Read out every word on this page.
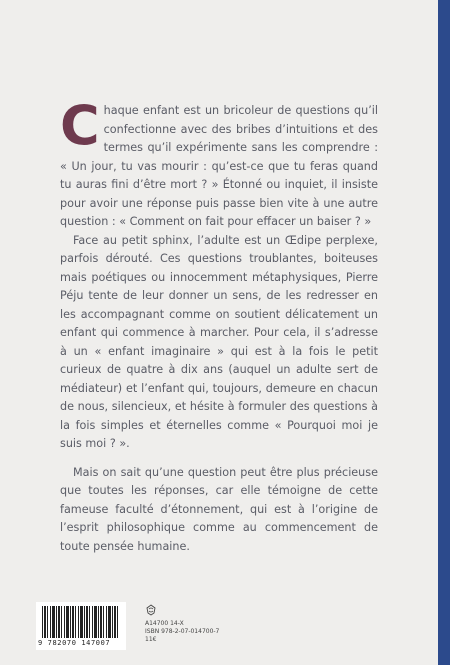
Chaque enfant est un bricoleur de questions qu’il confectionne avec des bribes d’intuitions et des termes qu’il expérimente sans les comprendre : « Un jour, tu vas mourir : qu’est-ce que tu feras quand tu auras fini d’être mort ? » Étonné ou inquiet, il insiste pour avoir une réponse puis passe bien vite à une autre question : « Comment on fait pour effacer un baiser ? »

Face au petit sphinx, l’adulte est un Œdipe perplexe, parfois dérouté. Ces questions troublantes, boiteuses mais poétiques ou innocemment métaphysiques, Pierre Péju tente de leur donner un sens, de les redresser en les accompagnant comme on soutient délicatement un enfant qui commence à marcher. Pour cela, il s’adresse à un « enfant imaginaire » qui est à la fois le petit curieux de quatre à dix ans (auquel un adulte sert de médiateur) et l’enfant qui, toujours, demeure en chacun de nous, silencieux, et hésite à formuler des questions à la fois simples et éternelles comme « Pourquoi moi je suis moi ? ».

Mais on sait qu’une question peut être plus précieuse que toutes les réponses, car elle témoigne de cette fameuse faculté d’étonnement, qui est à l’origine de l’esprit philosophique comme au commencement de toute pensée humaine.

9 782070 147007
A14700 14-X
ISBN 978-2-07-014700-7
11€
